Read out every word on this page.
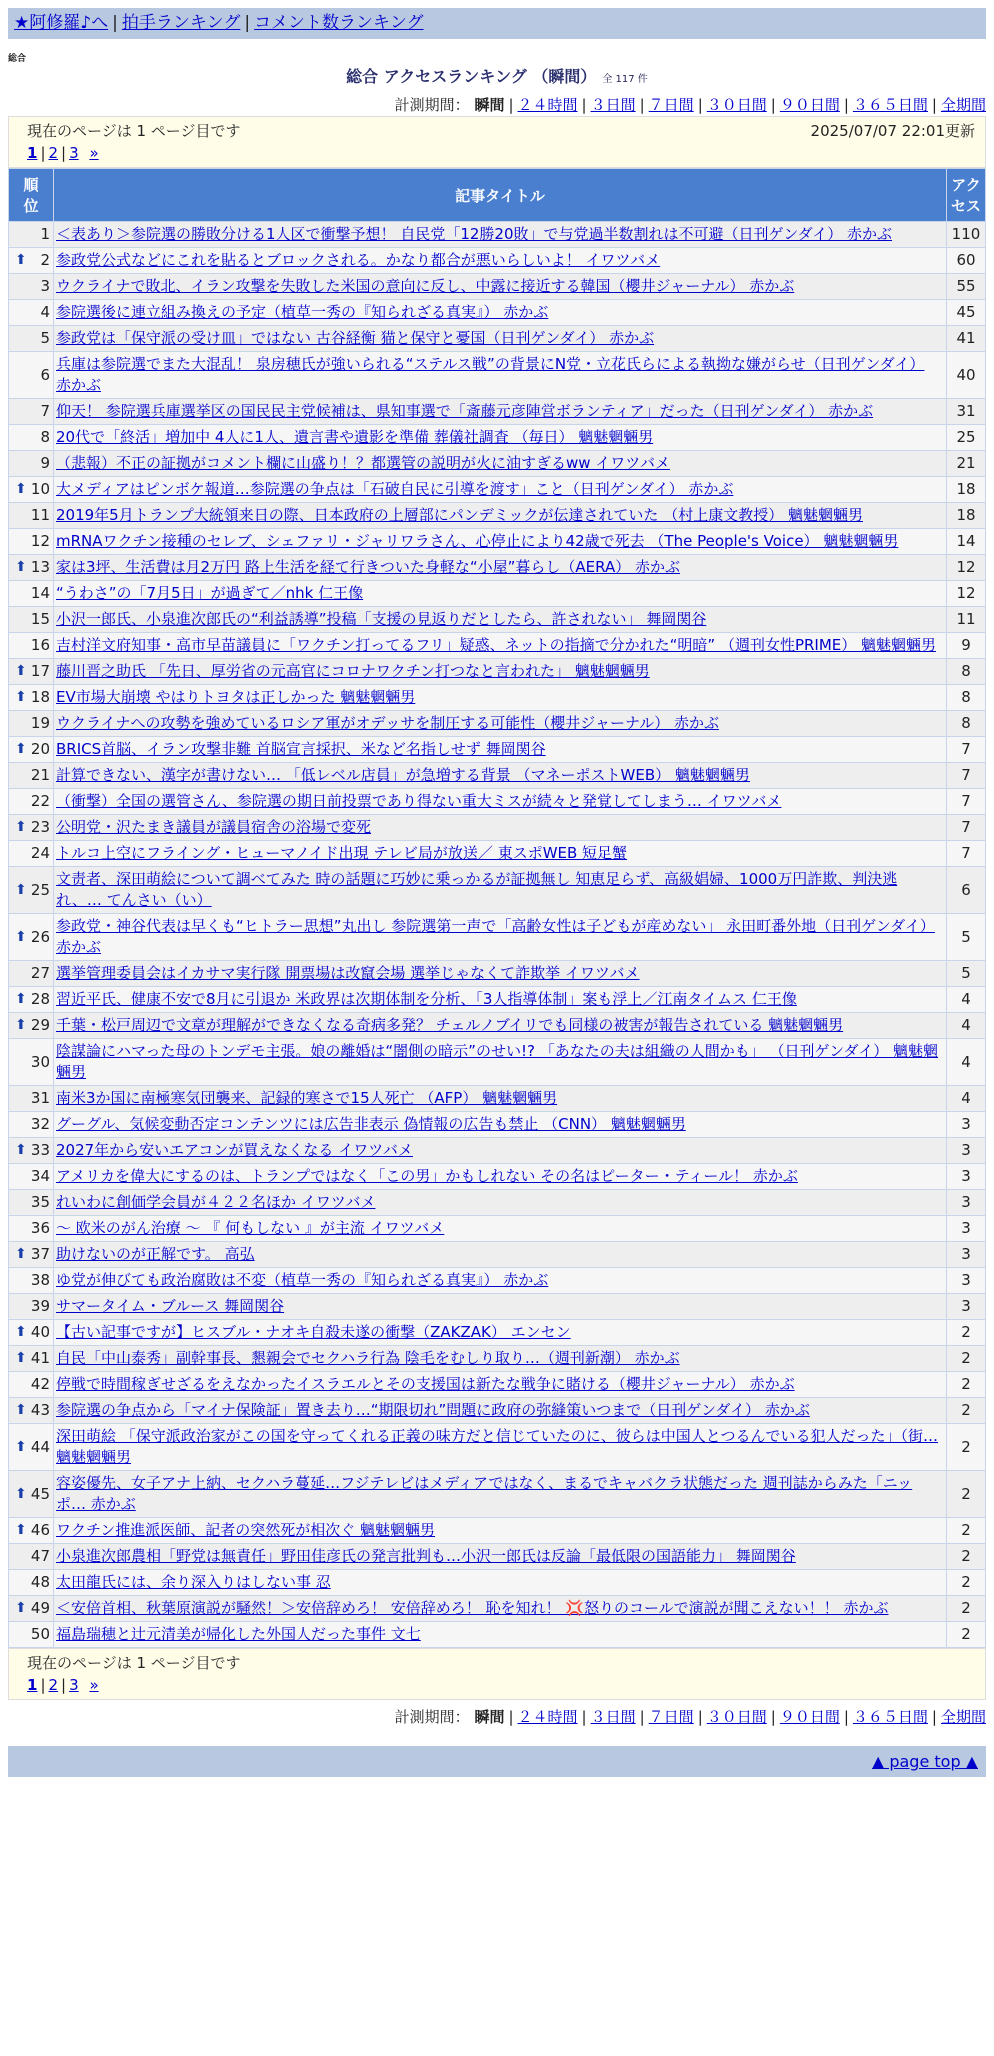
★阿修羅♪へ | 拍手ランキング | コメント数ランキング
総合
総合 アクセスランキング （瞬間） 全 117 件
計測期間： 瞬間 | ２４時間 | ３日間 | ７日間 | ３０日間 | ９０日間 | ３６５日間 | 全期間
現在のページは 1 ページ目です	2025/07/07 22:01更新
1 | 2 | 3 »
順
位	記事タイトル	アク
セス
1	＜表あり＞参院選の勝敗分ける1人区で衝撃予想！ 自民党「12勝20敗」で与党過半数割れは不可避（日刊ゲンダイ） 赤かぶ	110

⬆ 2	参政党公式などにこれを貼るとブロックされる。かなり都合が悪いらしいよ！ イワツバメ	60
3	ウクライナで敗北、イラン攻撃を失敗した米国の意向に反し、中露に接近する韓国（櫻井ジャーナル） 赤かぶ	55
4	参院選後に連立組み換えの予定（植草一秀の『知られざる真実』） 赤かぶ	45
5	参政党は「保守派の受け皿」ではない 古谷経衡 猫と保守と憂国（日刊ゲンダイ） 赤かぶ	41
6	兵庫は参院選でまた大混乱！ 泉房穂氏が強いられる“ステルス戦”の背景にN党・立花氏らによる執拗な嫌がらせ（日刊ゲンダイ） 赤かぶ	40
7	仰天！ 参院選兵庫選挙区の国民民主党候補は、県知事選で「斎藤元彦陣営ボランティア」だった（日刊ゲンダイ） 赤かぶ	31
8	20代で「終活」増加中 4人に1人、遺言書や遺影を準備 葬儀社調査 （毎日） 魑魅魍魎男	25
9	（悲報）不正の証拠がコメント欄に山盛り！？都選管の説明が火に油すぎるww イワツバメ	21

⬆ 10	大メディアはピンボケ報道…参院選の争点は「石破自民に引導を渡す」こと（日刊ゲンダイ） 赤かぶ	18
11	2019年5月トランプ大統領来日の際、日本政府の上層部にパンデミックが伝達されていた （村上康文教授） 魑魅魍魎男	18
12	mRNAワクチン接種のセレブ、シェファリ・ジャリワラさん、心停止により42歳で死去 （The People's Voice） 魑魅魍魎男	14

⬆ 13	家は3坪、生活費は月2万円 路上生活を経て行きついた身軽な“小屋”暮らし（AERA） 赤かぶ	12
14	“うわさ”の「7月5日」が過ぎて／nhk 仁王像	12
15	小沢一郎氏、小泉進次郎氏の“利益誘導”投稿「支援の見返りだとしたら、許されない」 舞岡関谷	11
16	吉村洋文府知事・高市早苗議員に「ワクチン打ってるフリ」疑惑、ネットの指摘で分かれた“明暗” （週刊女性PRIME） 魑魅魍魎男	9

⬆ 17	藤川晋之助氏 「先日、厚労省の元高官にコロナワクチン打つなと言われた」 魑魅魍魎男	8

⬆ 18	EV市場大崩壊 やはりトヨタは正しかった 魑魅魍魎男	8
19	ウクライナへの攻勢を強めているロシア軍がオデッサを制圧する可能性（櫻井ジャーナル） 赤かぶ	8

⬆ 20	BRICS首脳、イラン攻撃非難 首脳宣言採択、米など名指しせず 舞岡関谷	7
21	計算できない、漢字が書けない… 「低レベル店員」が急増する背景 （マネーポストWEB） 魑魅魍魎男	7
22	（衝撃）全国の選管さん、参院選の期日前投票であり得ない重大ミスが続々と発覚してしまう… イワツバメ	7

⬆ 23	公明党・沢たまき議員が議員宿舎の浴場で変死	7
24	トルコ上空にフライング・ヒューマノイド出現 テレビ局が放送／ 東スポWEB 短足蟹	7

⬆ 25	文责者、深田萌絵について調べてみた 時の話題に巧妙に乗っかるが証拠無し 知恵足らず、高級娼婦、1000万円詐欺、判決逃れ、… てんさい（い）	6

⬆ 26	参政党・神谷代表は早くも“ヒトラー思想”丸出し 参院選第一声で「高齢女性は子どもが産めない」 永田町番外地（日刊ゲンダイ） 赤かぶ	5
27	選挙管理委員会はイカサマ実行隊 開票場は改竄会場 選挙じゃなくて詐欺挙 イワツバメ	5

⬆ 28	習近平氏、健康不安で8月に引退か 米政界は次期体制を分析、「3人指導体制」案も浮上／江南タイムス 仁王像	4

⬆ 29	千葉・松戸周辺で文章が理解ができなくなる奇病多発？ チェルノブイリでも同様の被害が報告されている 魑魅魍魎男	4
30	陰謀論にハマった母のトンデモ主張。娘の離婚は“闇側の暗示”のせい!? 「あなたの夫は組織の人間かも」 （日刊ゲンダイ） 魑魅魍魎男	4
31	南米3か国に南極寒気団襲来、記録的寒さで15人死亡 （AFP） 魑魅魍魎男	4
32	グーグル、気候変動否定コンテンツには広告非表示 偽情報の広告も禁止 （CNN） 魑魅魍魎男	3

⬆ 33	2027年から安いエアコンが買えなくなる イワツバメ	3
34	アメリカを偉大にするのは、トランプではなく「この男」かもしれない その名はピーター・ティール！ 赤かぶ	3
35	れいわに創価学会員が４２２名ほか イワツバメ	3
36	〜 欧米のがん治療 〜 『 何もしない 』が主流 イワツバメ	3

⬆ 37	助けないのが正解です。 高弘	3
38	ゆ党が伸びても政治腐敗は不変（植草一秀の『知られざる真実』） 赤かぶ	3
39	サマータイム・ブルース 舞岡関谷	3

⬆ 40	【古い記事ですが】ヒスブル・ナオキ自殺未遂の衝撃（ZAKZAK） エンセン	2

⬆ 41	自民「中山泰秀」副幹事長、懇親会でセクハラ行為 陰毛をむしり取り…（週刊新潮） 赤かぶ	2
42	停戦で時間稼ぎせざるをえなかったイスラエルとその支援国は新たな戦争に賭ける（櫻井ジャーナル） 赤かぶ	2

⬆ 43	参院選の争点から「マイナ保険証」置き去り…“期限切れ”問題に政府の弥縫策いつまで（日刊ゲンダイ） 赤かぶ	2

⬆ 44	深田萌絵 「保守派政治家がこの国を守ってくれる正義の味方だと信じていたのに、彼らは中国人とつるんでいる犯人だった」（街… 魑魅魍魎男	2

⬆ 45	容姿優先、女子アナ上納、セクハラ蔓延…フジテレビはメディアではなく、まるでキャバクラ状態だった 週刊誌からみた「ニッポ… 赤かぶ	2

⬆ 46	ワクチン推進派医師、記者の突然死が相次ぐ 魑魅魍魎男	2
47	小泉進次郎農相「野党は無責任」野田佳彦氏の発言批判も…小沢一郎氏は反論「最低限の国語能力」 舞岡関谷	2
48	太田龍氏には、余り深入りはしない事 忍	2

⬆ 49	＜安倍首相、秋葉原演説が騒然！＞安倍辞めろ！ 安倍辞めろ！ 恥を知れ！ 💢怒りのコールで演説が聞こえない！！ 赤かぶ	2
50	福島瑞穂と辻元清美が帰化した外国人だった事件 文七	2
現在のページは 1 ページ目です
1 | 2 | 3 »
計測期間： 瞬間 | ２４時間 | ３日間 | ７日間 | ３０日間 | ９０日間 | ３６５日間 | 全期間
▲ page top ▲
